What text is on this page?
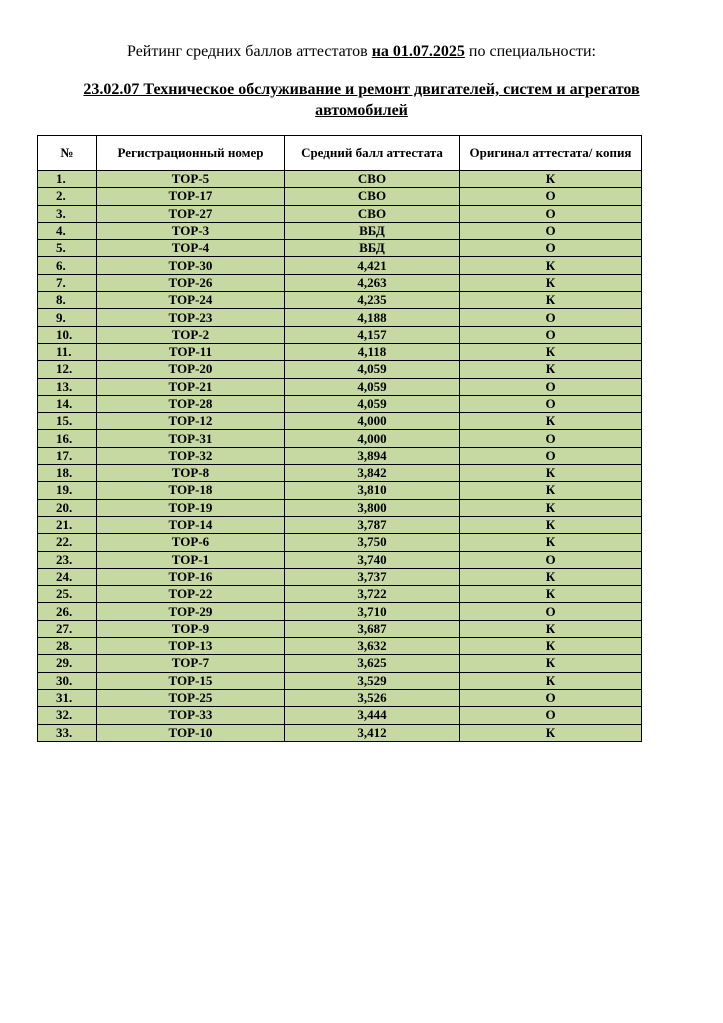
Рейтинг средних баллов аттестатов на 01.07.2025 по специальности:
23.02.07 Техническое обслуживание и ремонт двигателей, систем и агрегатов автомобилей
№	Регистрационный номер	Средний балл аттестата	Оригинал аттестата/ копия
1.	ТОР-5	СВО	К
2.	ТОР-17	СВО	О
3.	ТОР-27	СВО	О
4.	ТОР-3	ВБД	О
5.	ТОР-4	ВБД	О
6.	ТОР-30	4,421	К
7.	ТОР-26	4,263	К
8.	ТОР-24	4,235	К
9.	ТОР-23	4,188	О
10.	ТОР-2	4,157	О
11.	ТОР-11	4,118	К
12.	ТОР-20	4,059	К
13.	ТОР-21	4,059	О
14.	ТОР-28	4,059	О
15.	ТОР-12	4,000	К
16.	ТОР-31	4,000	О
17.	ТОР-32	3,894	О
18.	ТОР-8	3,842	К
19.	ТОР-18	3,810	К
20.	ТОР-19	3,800	К
21.	ТОР-14	3,787	К
22.	ТОР-6	3,750	К
23.	ТОР-1	3,740	О
24.	ТОР-16	3,737	К
25.	ТОР-22	3,722	К
26.	ТОР-29	3,710	О
27.	ТОР-9	3,687	К
28.	ТОР-13	3,632	К
29.	ТОР-7	3,625	К
30.	ТОР-15	3,529	К
31.	ТОР-25	3,526	О
32.	ТОР-33	3,444	О
33.	ТОР-10	3,412	К
